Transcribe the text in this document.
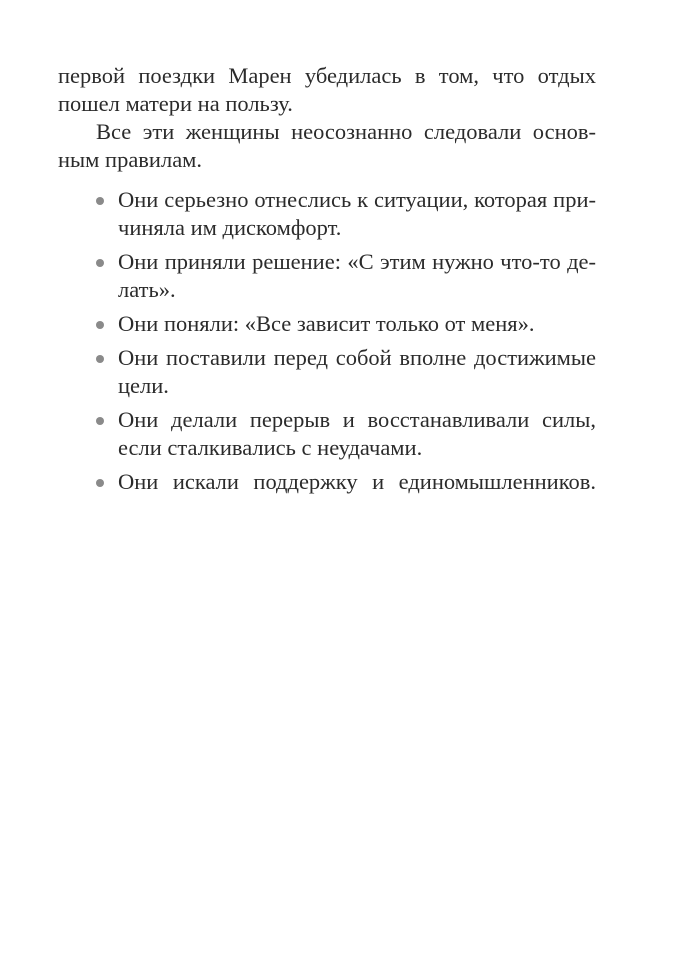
первой поездки Марен убедилась в том, что отдых
пошел матери на пользу.
Все эти женщины неосознанно следовали основ-
ным правилам.
Они серьезно отнеслись к ситуации, которая при-
чиняла им дискомфорт.
Они приняли решение: «С этим нужно что-то де-
лать».
Они поняли: «Все зависит только от меня».
Они поставили перед собой вполне достижимые
цели.
Они делали перерыв и восстанавливали силы,
если сталкивались с неудачами.
Они искали поддержку и единомышленников.
